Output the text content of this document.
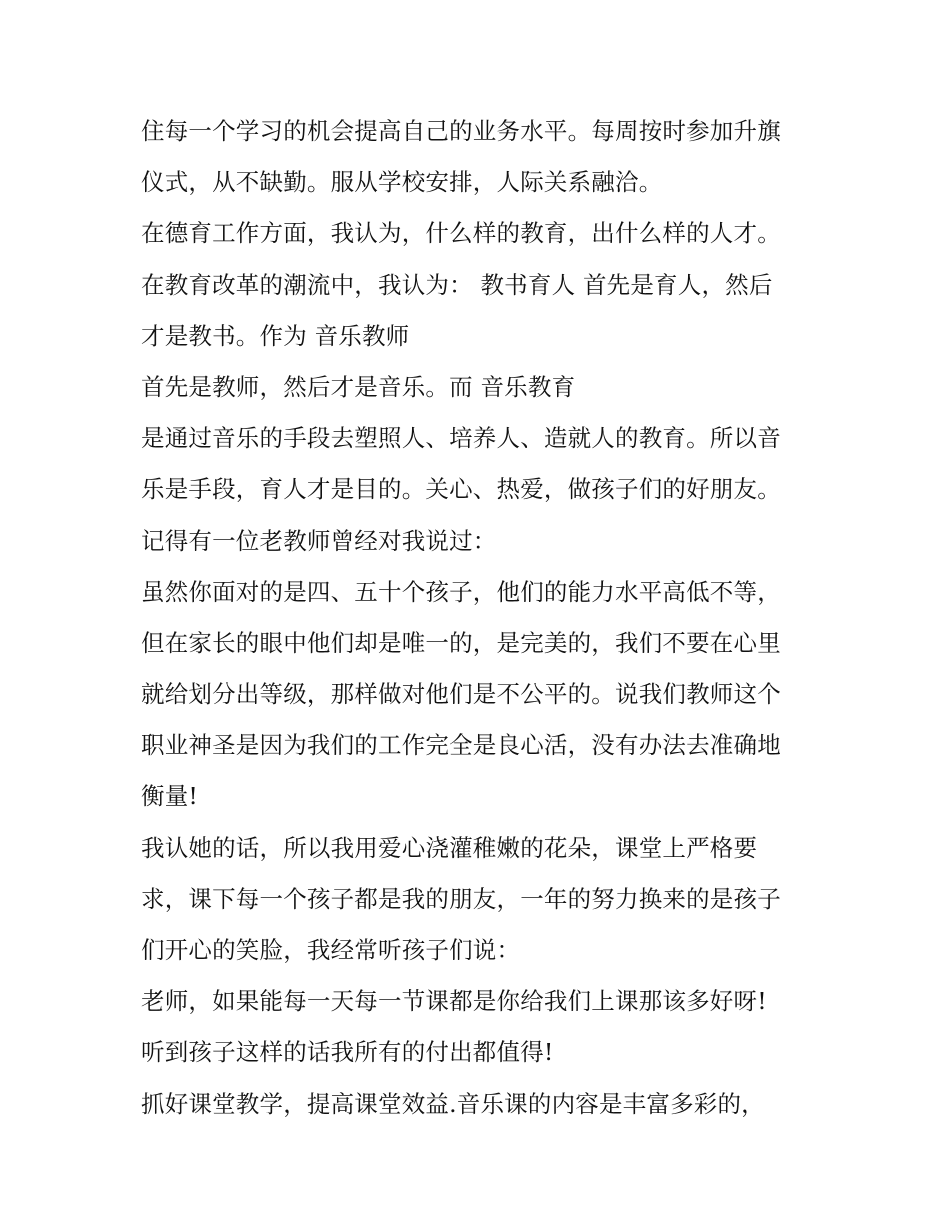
住每一个学习的机会提高自己的业务水平。每周按时参加升旗
仪式，从不缺勤。服从学校安排，人际关系融洽。
在德育工作方面，我认为，什么样的教育，出什么样的人才。
在教育改革的潮流中，我认为： 教书育人 首先是育人，然后
才是教书。作为 音乐教师
首先是教师，然后才是音乐。而 音乐教育
是通过音乐的手段去塑照人、培养人、造就人的教育。所以音
乐是手段，育人才是目的。关心、热爱，做孩子们的好朋友。
记得有一位老教师曾经对我说过：
虽然你面对的是四、五十个孩子，他们的能力水平高低不等，
但在家长的眼中他们却是唯一的，是完美的，我们不要在心里
就给划分出等级，那样做对他们是不公平的。说我们教师这个
职业神圣是因为我们的工作完全是良心活，没有办法去准确地
衡量!
我认她的话，所以我用爱心浇灌稚嫩的花朵，课堂上严格要
求，课下每一个孩子都是我的朋友，一年的努力换来的是孩子
们开心的笑脸，我经常听孩子们说：
老师，如果能每一天每一节课都是你给我们上课那该多好呀!
听到孩子这样的话我所有的付出都值得!
抓好课堂教学，提高课堂效益.音乐课的内容是丰富多彩的，
